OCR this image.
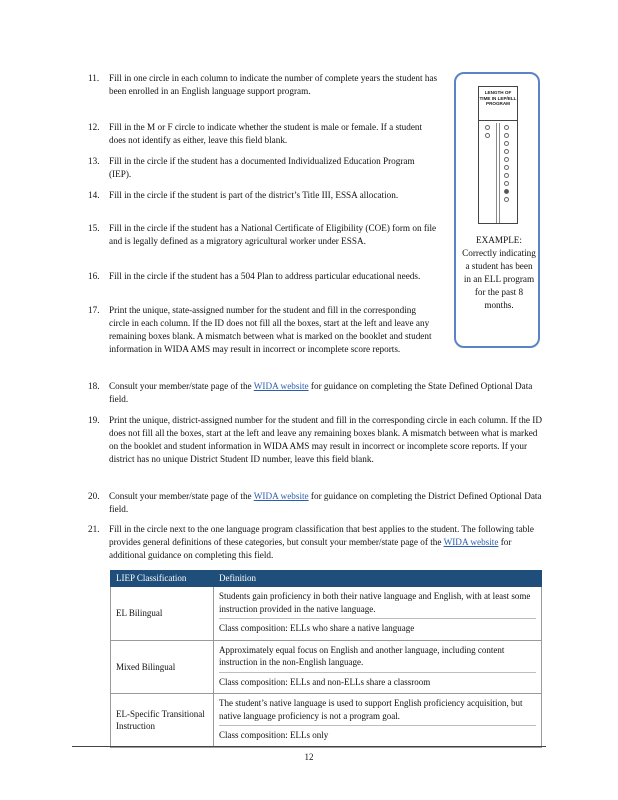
11.	Fill in one circle in each column to indicate the number of complete years the student has been enrolled in an English language support program.
12.	Fill in the M or F circle to indicate whether the student is male or female. If a student does not identify as either, leave this field blank.
13.	Fill in the circle if the student has a documented Individualized Education Program (IEP).
14.	Fill in the circle if the student is part of the district’s Title III, ESSA allocation.
15.	Fill in the circle if the student has a National Certificate of Eligibility (COE) form on file and is legally defined as a migratory agricultural worker under ESSA.
16.	Fill in the circle if the student has a 504 Plan to address particular educational needs.
17.	Print the unique, state-assigned number for the student and fill in the corresponding circle in each column. If the ID does not fill all the boxes, start at the left and leave any remaining boxes blank. A mismatch between what is marked on the booklet and student information in WIDA AMS may result in incorrect or incomplete score reports.
18.	Consult your member/state page of the WIDA website for guidance on completing the State Defined Optional Data field.
19.	Print the unique, district-assigned number for the student and fill in the corresponding circle in each column. If the ID does not fill all the boxes, start at the left and leave any remaining boxes blank. A mismatch between what is marked on the booklet and student information in WIDA AMS may result in incorrect or incomplete score reports. If your district has no unique District Student ID number, leave this field blank.
20.	Consult your member/state page of the WIDA website for guidance on completing the District Defined Optional Data field.
21.	Fill in the circle next to the one language program classification that best applies to the student. The following table provides general definitions of these categories, but consult your member/state page of the WIDA website for additional guidance on completing this field.
LENGTH OF TIME IN LEP/ELL PROGRAM
EXAMPLE: Correctly indicating a student has been in an ELL program for the past 8 months.
LIEP Classification	Definition
EL Bilingual	Students gain proficiency in both their native language and English, with at least some instruction provided in the native language.
Class composition: ELLs who share a native language

Mixed Bilingual	Approximately equal focus on English and another language, including content instruction in the non-English language.
Class composition: ELLs and non-ELLs share a classroom

EL-Specific Transitional Instruction	The student’s native language is used to support English proficiency acquisition, but native language proficiency is not a program goal.
Class composition: ELLs only
12
